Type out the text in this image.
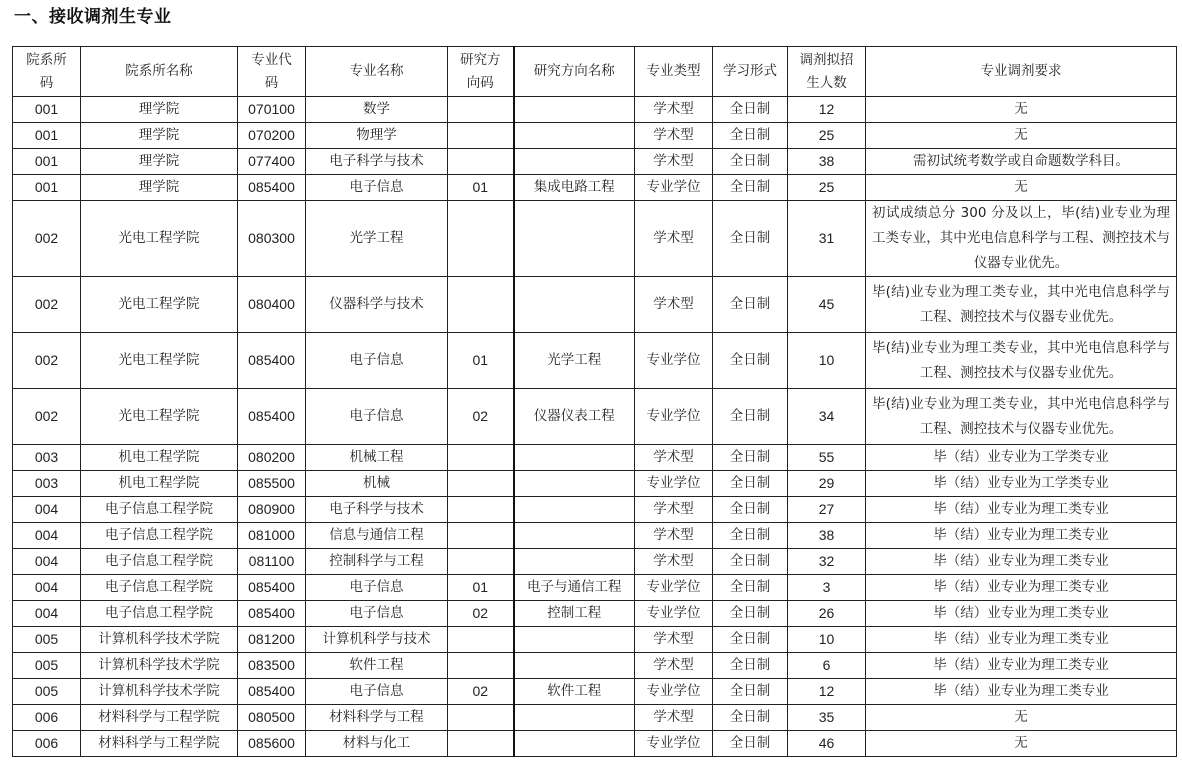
一、接收调剂生专业
院系所码	院系所名称	专业代码	专业名称	研究方向码	研究方向名称	专业类型	学习形式	调剂拟招生人数	专业调剂要求
001	理学院	070100	数学			学术型	全日制	12	无
001	理学院	070200	物理学			学术型	全日制	25	无
001	理学院	077400	电子科学与技术			学术型	全日制	38	需初试统考数学或自命题数学科目。
001	理学院	085400	电子信息	01	集成电路工程	专业学位	全日制	25	无
002	光电工程学院	080300	光学工程			学术型	全日制	31	初试成绩总分 300 分及以上，毕(结)业专业为理工类专业，其中光电信息科学与工程、测控技术与仪器专业优先。
002	光电工程学院	080400	仪器科学与技术			学术型	全日制	45	毕(结)业专业为理工类专业，其中光电信息科学与工程、测控技术与仪器专业优先。
002	光电工程学院	085400	电子信息	01	光学工程	专业学位	全日制	10	毕(结)业专业为理工类专业，其中光电信息科学与工程、测控技术与仪器专业优先。
002	光电工程学院	085400	电子信息	02	仪器仪表工程	专业学位	全日制	34	毕(结)业专业为理工类专业，其中光电信息科学与工程、测控技术与仪器专业优先。
003	机电工程学院	080200	机械工程			学术型	全日制	55	毕（结）业专业为工学类专业
003	机电工程学院	085500	机械			专业学位	全日制	29	毕（结）业专业为工学类专业
004	电子信息工程学院	080900	电子科学与技术			学术型	全日制	27	毕（结）业专业为理工类专业
004	电子信息工程学院	081000	信息与通信工程			学术型	全日制	38	毕（结）业专业为理工类专业
004	电子信息工程学院	081100	控制科学与工程			学术型	全日制	32	毕（结）业专业为理工类专业
004	电子信息工程学院	085400	电子信息	01	电子与通信工程	专业学位	全日制	3	毕（结）业专业为理工类专业
004	电子信息工程学院	085400	电子信息	02	控制工程	专业学位	全日制	26	毕（结）业专业为理工类专业
005	计算机科学技术学院	081200	计算机科学与技术			学术型	全日制	10	毕（结）业专业为理工类专业
005	计算机科学技术学院	083500	软件工程			学术型	全日制	6	毕（结）业专业为理工类专业
005	计算机科学技术学院	085400	电子信息	02	软件工程	专业学位	全日制	12	毕（结）业专业为理工类专业
006	材料科学与工程学院	080500	材料科学与工程			学术型	全日制	35	无
006	材料科学与工程学院	085600	材料与化工			专业学位	全日制	46	无
